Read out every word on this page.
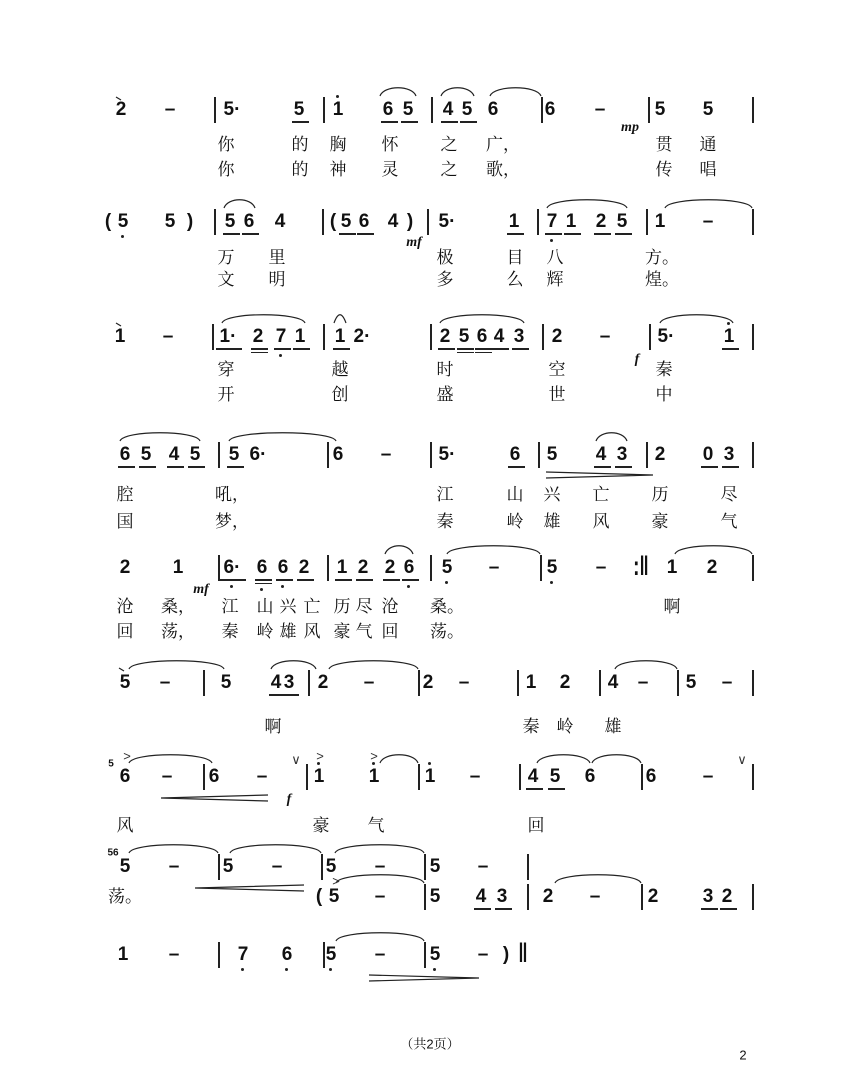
（共2页）
2
2 –	5·	5 1 6 5 4 5 6 6 –	5 5
你	的 胸 怀 之 广，	贯 通
你	的 神 灵 之 歌，	传 唱
( 5 5 ) 5 6 4 ( 5 6 4 ) 5·	1 7 1 2 5 1 –
万 里	极	目 八	方。
文 明	多	么 辉	煌。
1 – 1· 2 7 1 1 2·	2 5 6 4 3 2 – 5·	1
穿	越	时	空	秦
开	创	盛	世	中
6 5 4 5 5 6·	6 – 5·	6 5 4 3 2 0 3
腔	吼，	江	山 兴 亡 历	尽
国	梦，	秦	岭 雄 风 豪	气
2 1 6· 6 6 2 1 2 2 6 5 – 5 – :‖ 1 2
沧 桑， 江 山 兴 亡 历 尽 沧 桑。	啊
回 荡， 秦 岭 雄 风 豪 气 回 荡。
5 –	5 4 3 2 –	2 –	1 2 4 – 5 –
啊	秦 岭 雄
6 – 6 – 1 1 1 – 4 5 6	6 –
风	豪 气	回
5 – 5 – 5 – 5 –
荡。	( 5 – 5 4 3 2 – 2 3 2
1 –	7 6 5 – 5 – ) ‖
mp
mf
f
mf
f
5
56
>	>	>
>
∨	∨
